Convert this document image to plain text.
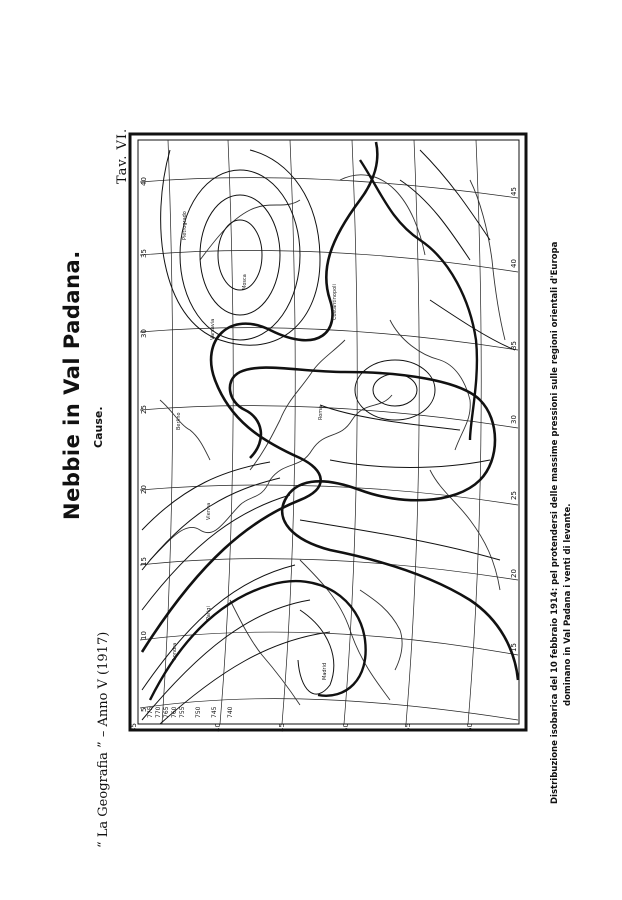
5
10
15
20
25
30
35
40
15
20
25
30
35
40
45
35	40	45	50	55	60
775 770 765 760 755 750 745 740
Mosca
Varsavia
Pietrogrado
Berlino
Vienna
Roma
Parigi
Londra
Madrid
Costantinopoli
Nebbie in Val Padana. Cause.
“ La Geografia ” – Anno V (1917)
Tav. VI.
Distribuzione isobarica del 10 febbraio 1914: pel protendersi delle massime pressioni sulle regioni orientali d'Europa dominano in Val Padana i venti di levante.
